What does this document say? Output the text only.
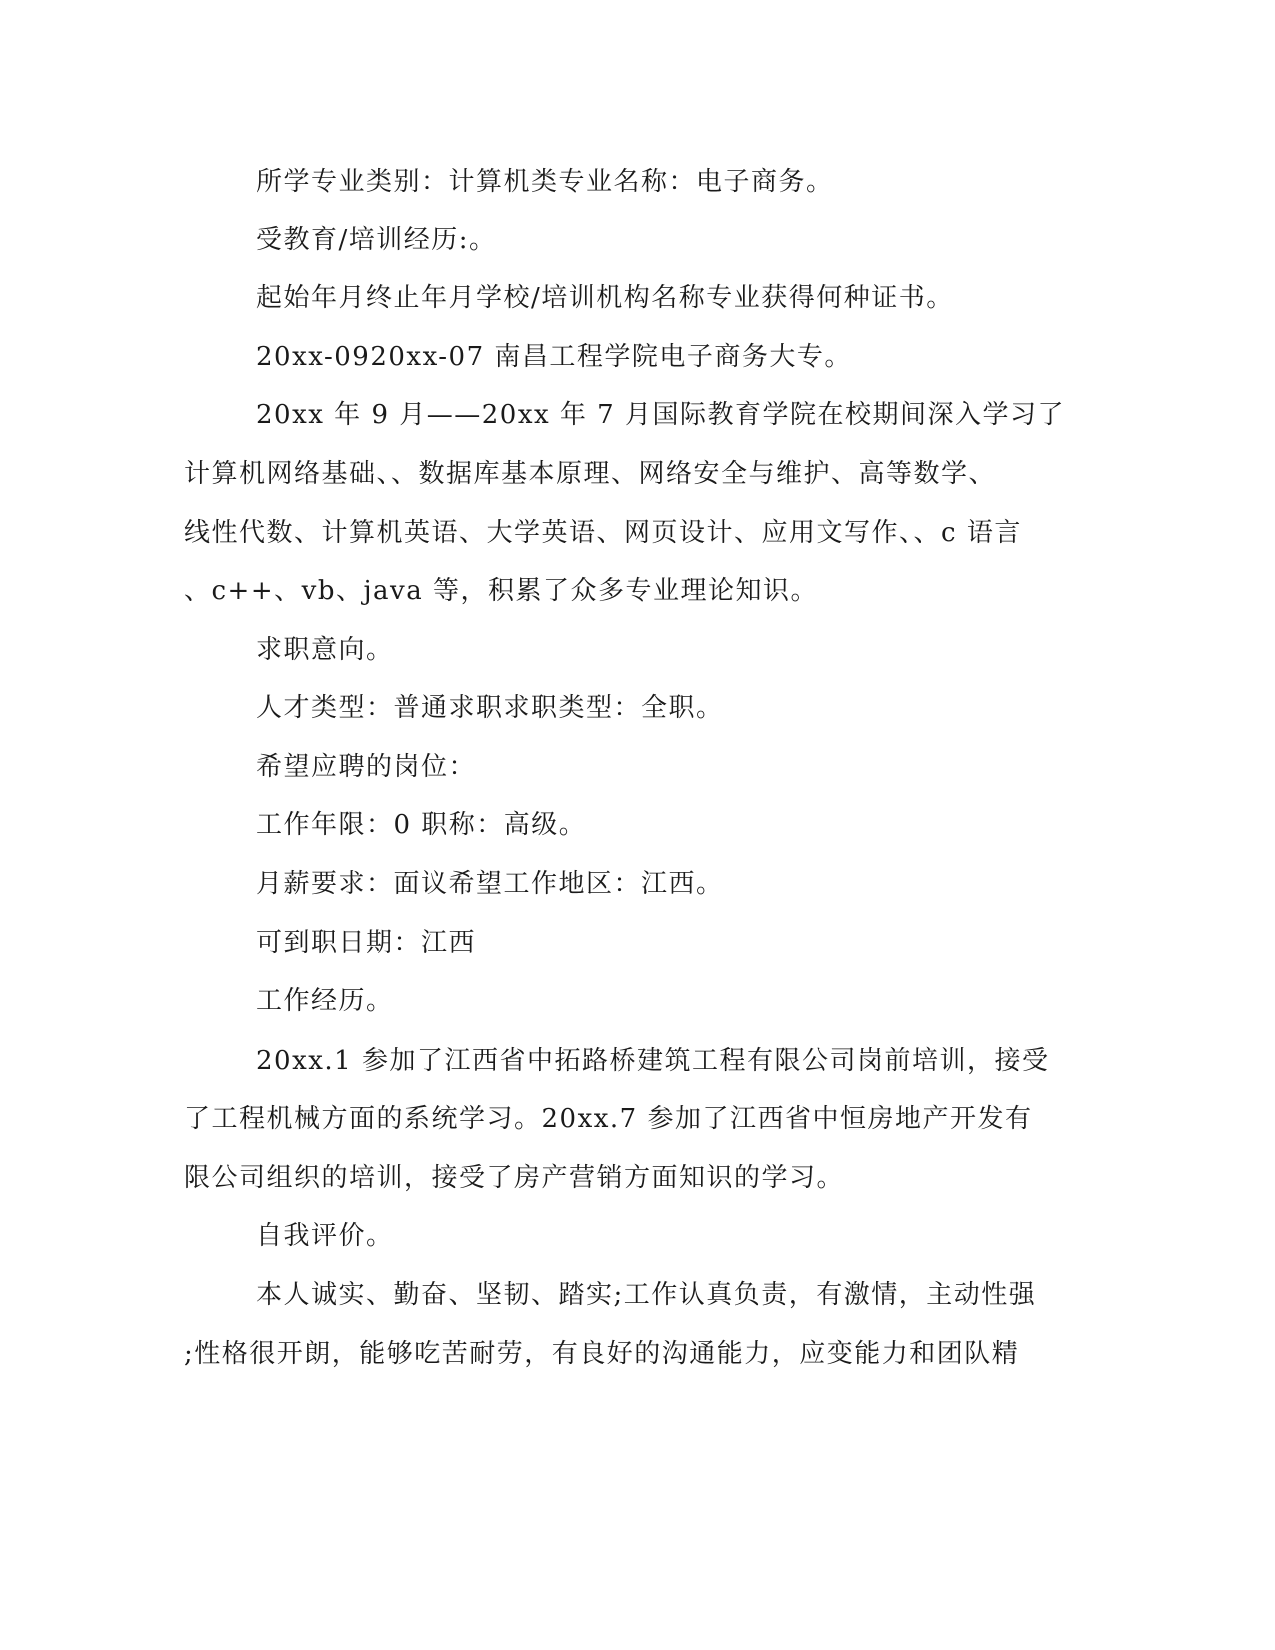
所学专业类别：计算机类专业名称：电子商务。
受教育/培训经历:。
起始年月终止年月学校/培训机构名称专业获得何种证书。
20xx-0920xx-07 南昌工程学院电子商务大专。
20xx 年 9 月——20xx 年 7 月国际教育学院在校期间深入学习了
计算机网络基础、、数据库基本原理、网络安全与维护、高等数学、
线性代数、计算机英语、大学英语、网页设计、应用文写作、、c 语言
、c++、vb、java 等，积累了众多专业理论知识。
求职意向。
人才类型：普通求职求职类型：全职。
希望应聘的岗位：
工作年限：0 职称：高级。
月薪要求：面议希望工作地区：江西。
可到职日期：江西
工作经历。
20xx.1 参加了江西省中拓路桥建筑工程有限公司岗前培训，接受
了工程机械方面的系统学习。20xx.7 参加了江西省中恒房地产开发有
限公司组织的培训，接受了房产营销方面知识的学习。
自我评价。
本人诚实、勤奋、坚韧、踏实;工作认真负责，有激情，主动性强
;性格很开朗，能够吃苦耐劳，有良好的沟通能力，应变能力和团队精
